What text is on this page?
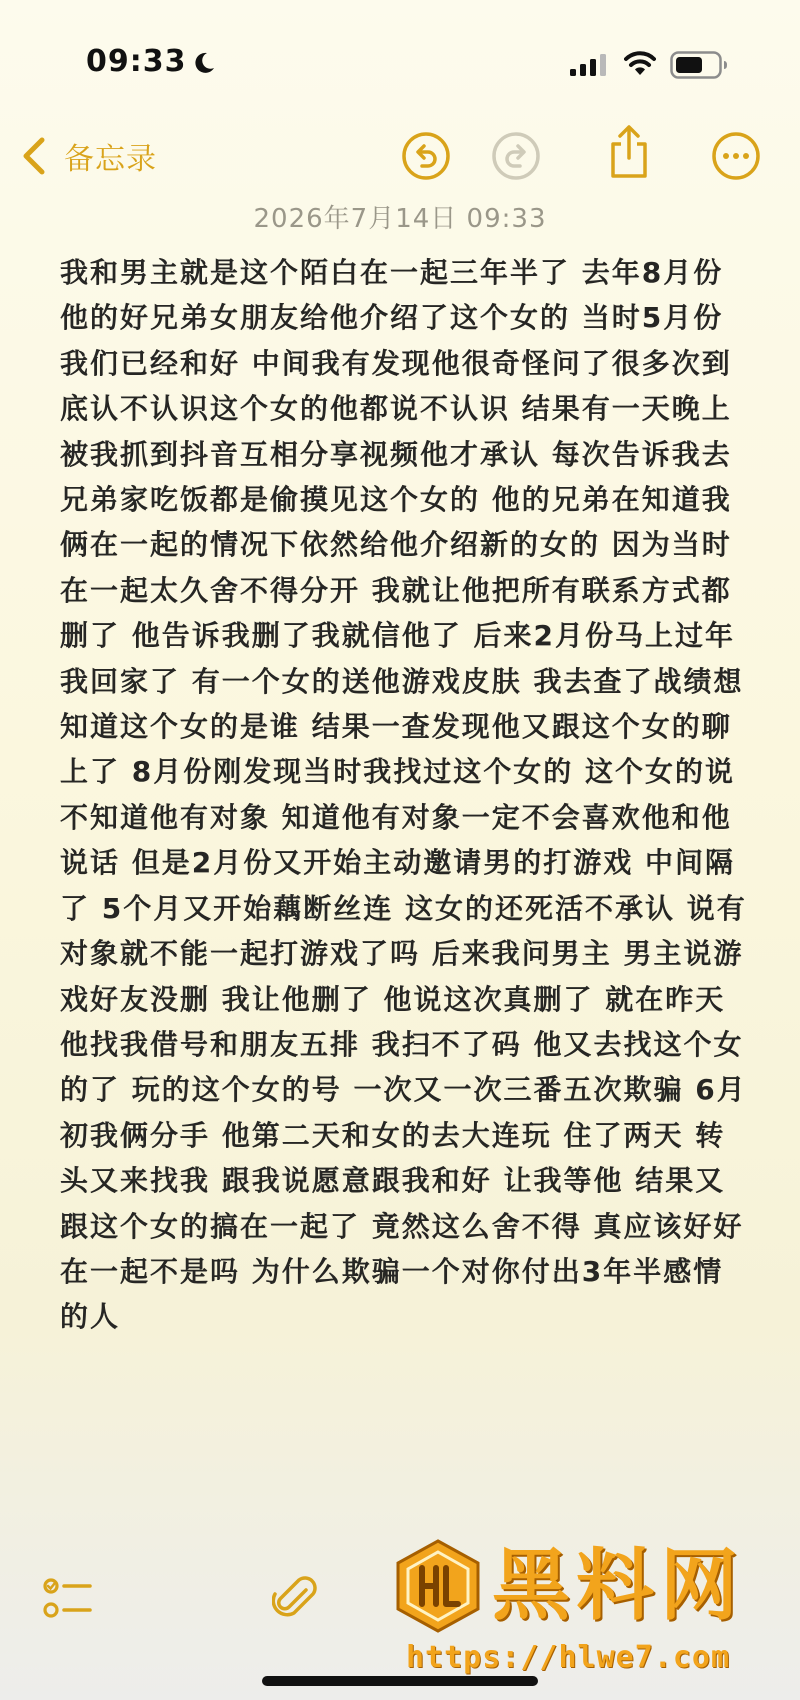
09:33
备忘录
2026年7月14日 09:33
我和男主就是这个陌白在一起三年半了 去年8月份他的好兄弟女朋友给他介绍了这个女的 当时5月份我们已经和好 中间我有发现他很奇怪问了很多次到底认不认识这个女的他都说不认识 结果有一天晚上被我抓到抖音互相分享视频他才承认 每次告诉我去兄弟家吃饭都是偷摸见这个女的 他的兄弟在知道我俩在一起的情况下依然给他介绍新的女的 因为当时在一起太久舍不得分开 我就让他把所有联系方式都删了 他告诉我删了我就信他了 后来2月份马上过年我回家了 有一个女的送他游戏皮肤 我去查了战绩想知道这个女的是谁 结果一查发现他又跟这个女的聊上了 8月份刚发现当时我找过这个女的 这个女的说不知道他有对象 知道他有对象一定不会喜欢他和他说话 但是2月份又开始主动邀请男的打游戏 中间隔了 5个月又开始藕断丝连 这女的还死活不承认 说有对象就不能一起打游戏了吗 后来我问男主 男主说游戏好友没删 我让他删了 他说这次真删了 就在昨天 他找我借号和朋友五排 我扫不了码 他又去找这个女的了 玩的这个女的号 一次又一次三番五次欺骗 6月初我俩分手 他第二天和女的去大连玩 住了两天 转头又来找我 跟我说愿意跟我和好 让我等他 结果又跟这个女的搞在一起了 竟然这么舍不得 真应该好好在一起不是吗 为什么欺骗一个对你付出3年半感情的人
黑料网
https://hlwe7.com
